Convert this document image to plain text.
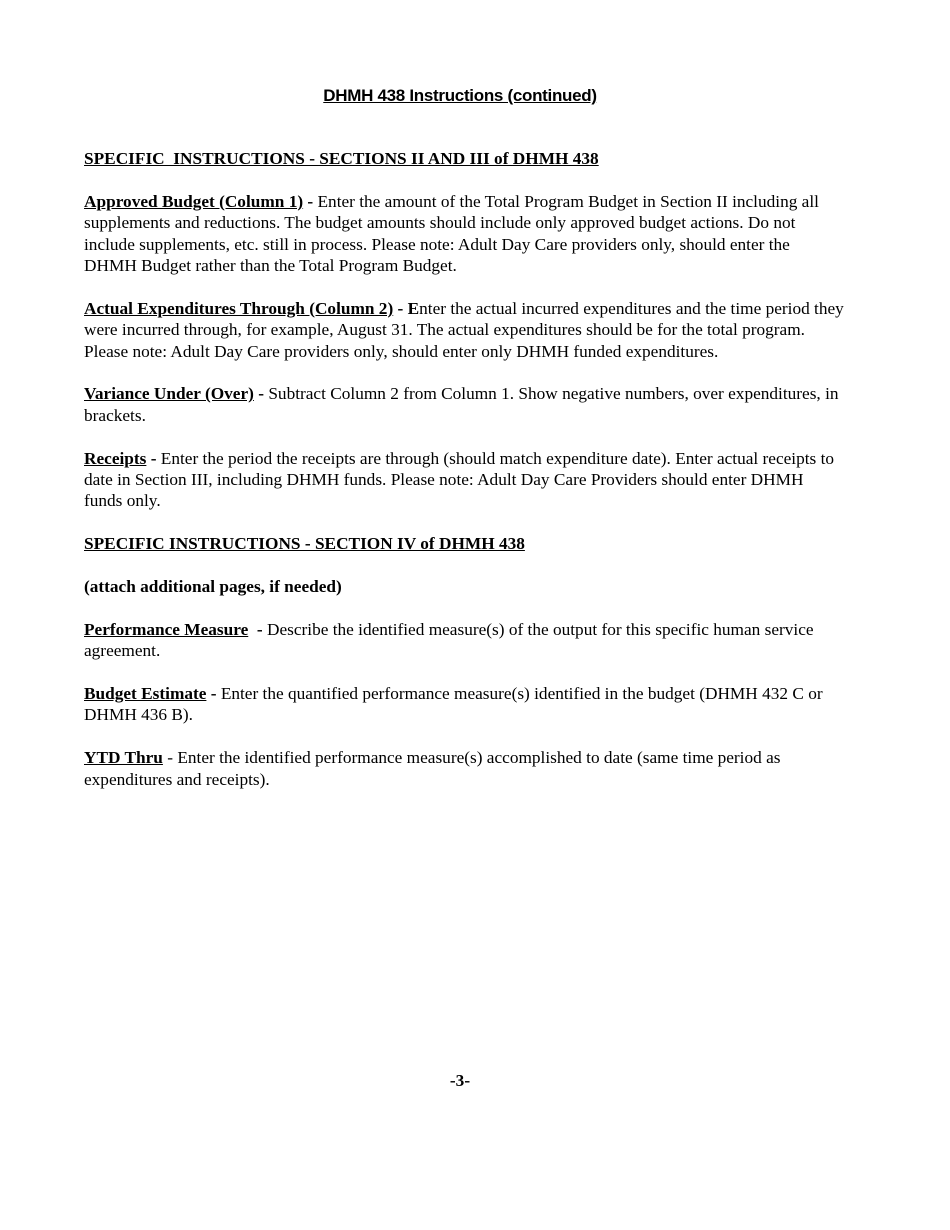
DHMH 438 Instructions (continued)
SPECIFIC  INSTRUCTIONS - SECTIONS II AND III of DHMH 438
Approved Budget (Column 1) - Enter the amount of the Total Program Budget in Section II including all supplements and reductions. The budget amounts should include only approved budget actions. Do not include supplements, etc. still in process. Please note: Adult Day Care providers only, should enter the DHMH Budget rather than the Total Program Budget.
Actual Expenditures Through (Column 2) - Enter the actual incurred expenditures and the time period they were incurred through, for example, August 31. The actual expenditures should be for the total program. Please note: Adult Day Care providers only, should enter only DHMH funded expenditures.
Variance Under (Over) - Subtract Column 2 from Column 1. Show negative numbers, over expenditures, in brackets.
Receipts - Enter the period the receipts are through (should match expenditure date). Enter actual receipts to date in Section III, including DHMH funds. Please note: Adult Day Care Providers should enter DHMH funds only.
SPECIFIC INSTRUCTIONS - SECTION IV of DHMH 438
(attach additional pages, if needed)
Performance Measure  - Describe the identified measure(s) of the output for this specific human service agreement.
Budget Estimate - Enter the quantified performance measure(s) identified in the budget (DHMH 432 C or DHMH 436 B).
YTD Thru - Enter the identified performance measure(s) accomplished to date (same time period as expenditures and receipts).
-3-
